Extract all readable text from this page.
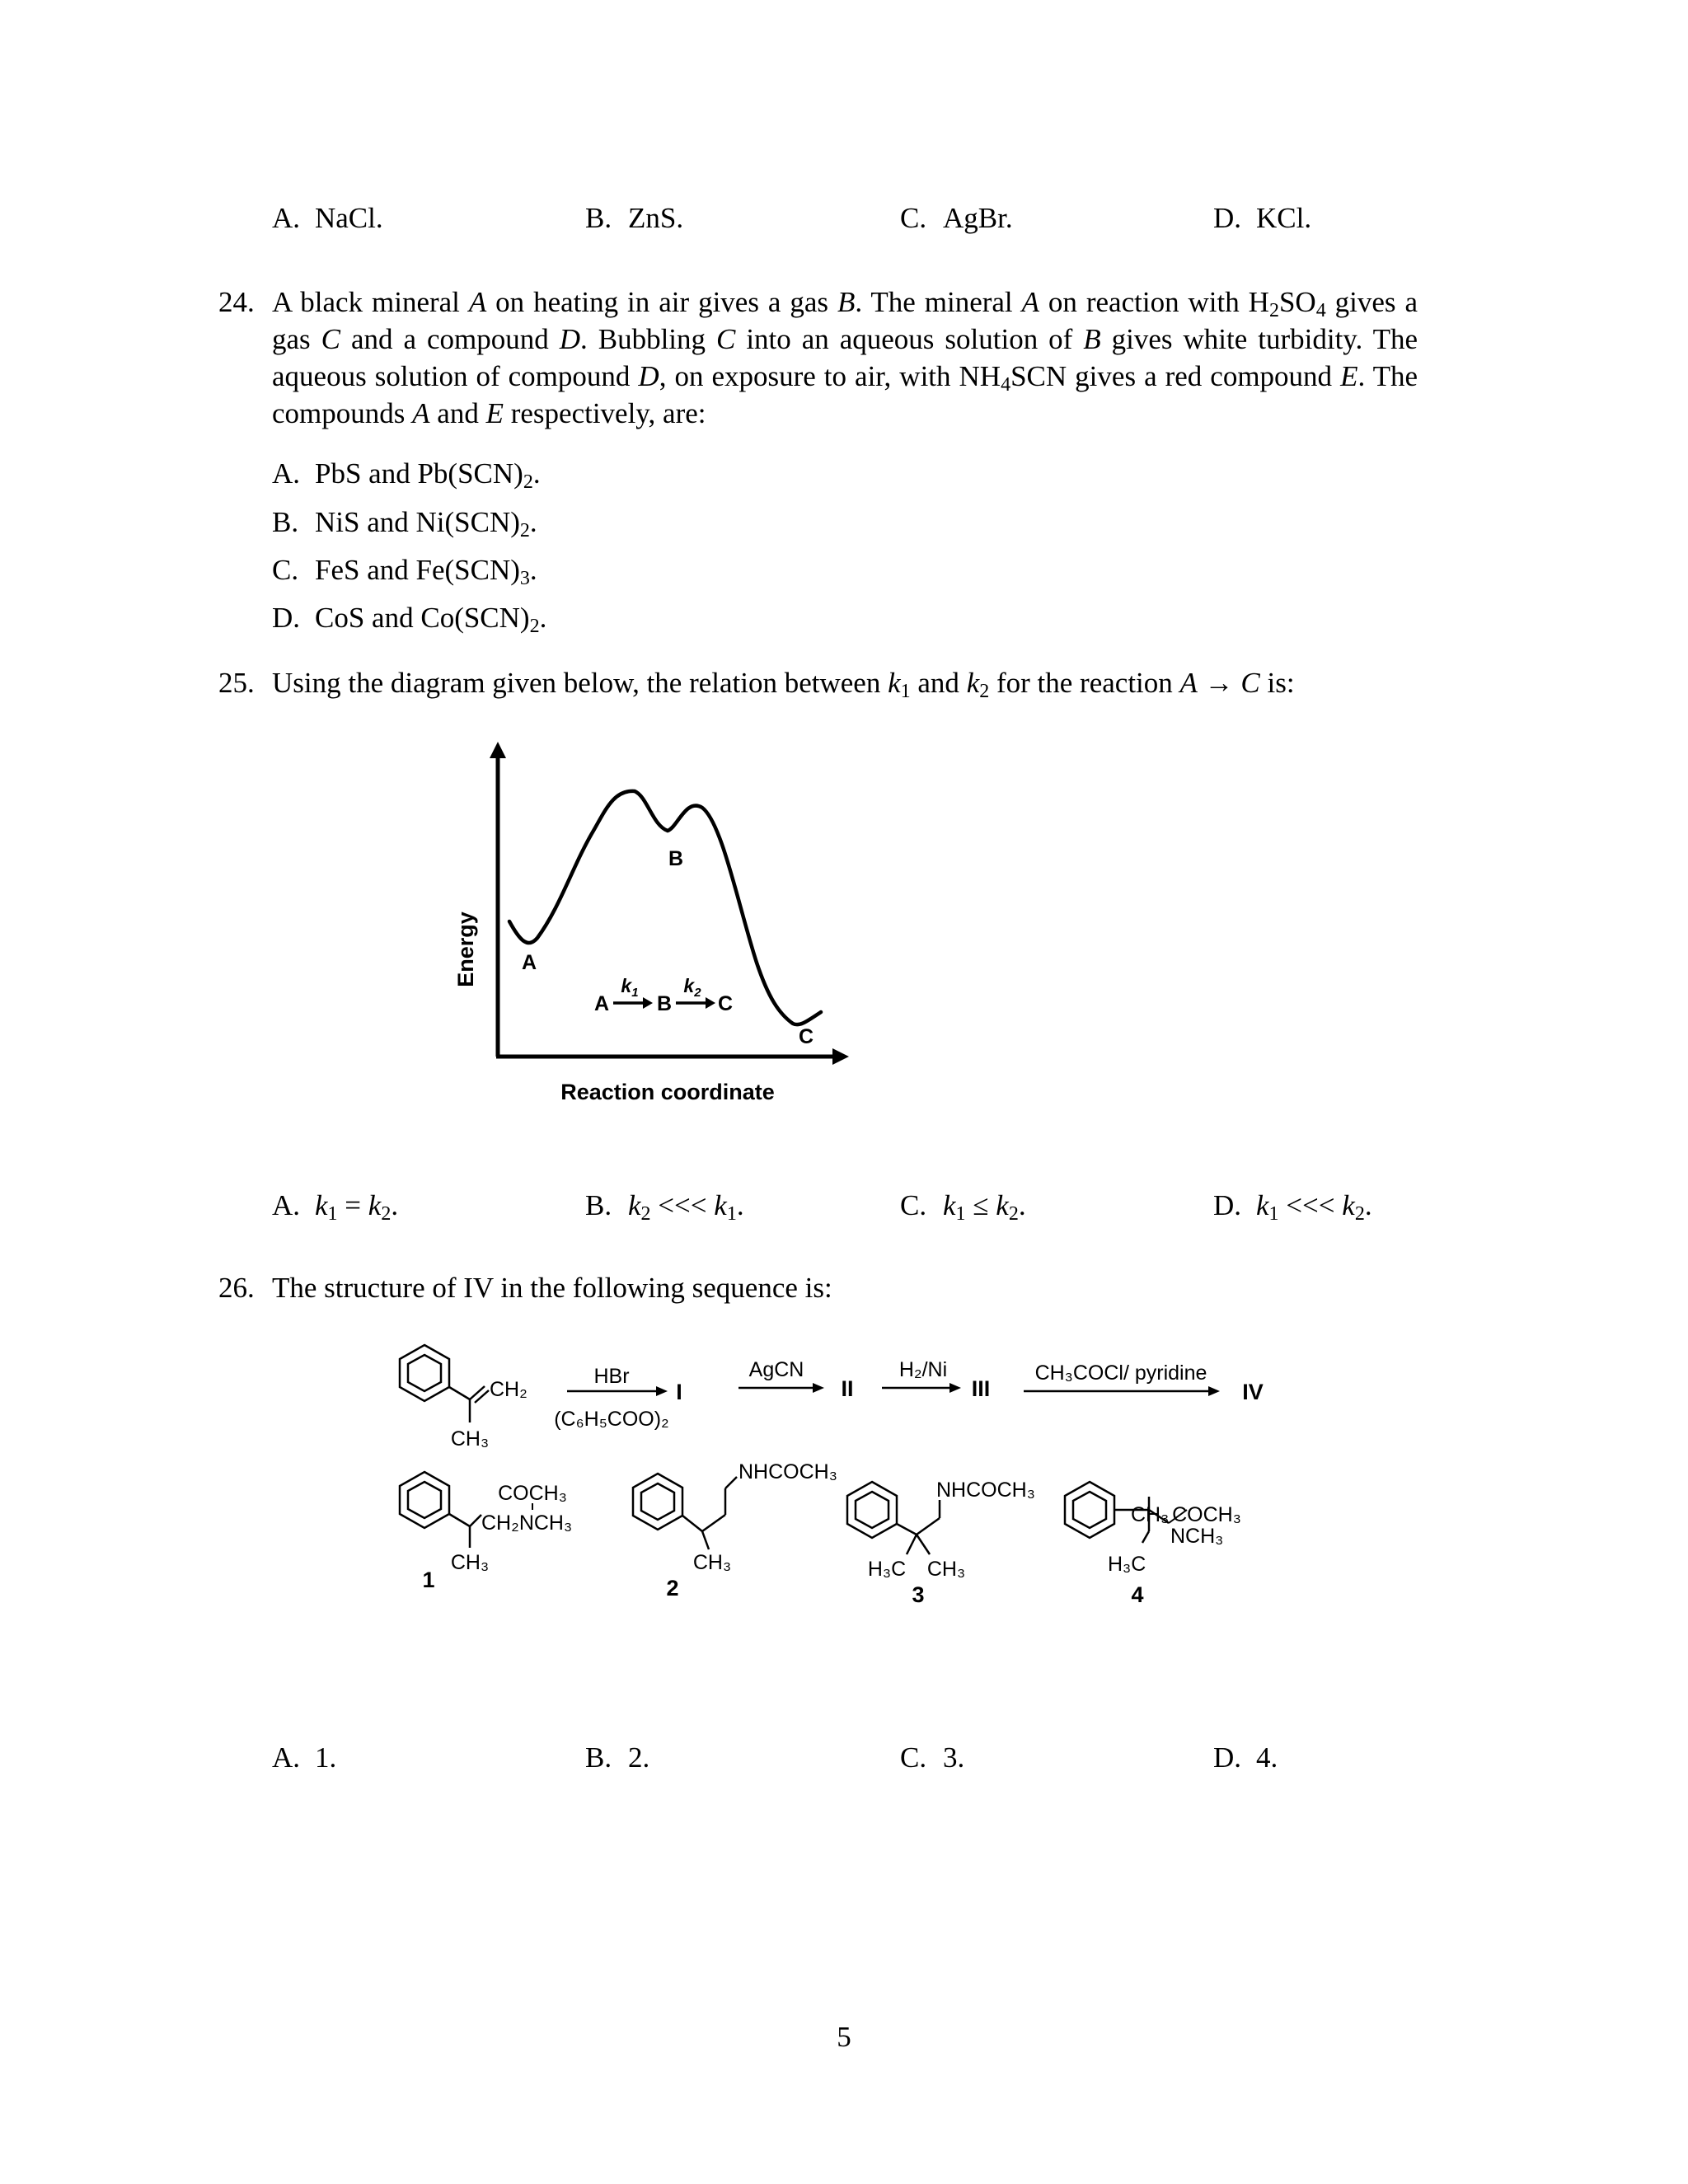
A. NaCl.	B. ZnS.	C. AgBr.	D. KCl.
24. A black mineral A on heating in air gives a gas B. The mineral A on reaction with $H_2SO_4$ gives a gas C and a compound D. Bubbling C into an aqueous solution of B gives white turbidity. The aqueous solution of compound D, on exposure to air, with $NH_4SCN$ gives a red compound E. The compounds A and E respectively, are:
A. PbS and $Pb(SCN)_2$.
B. NiS and $Ni(SCN)_2$.
C. FeS and $Fe(SCN)_3$.
D. CoS and $Co(SCN)_2$.
25. Using the diagram given below, the relation between $k_1$ and $k_2$ for the reaction A → C is:
Energy A
B
C
A
$k_1$ B
$k_2$ C
Reaction coordinate
A. $k_1 = k_2$.	B. $k_2$ <<< $k_1$.	C. $k_1 \le k_2$.	D. $k_1$ <<< $k_2$.
26. The structure of IV in the following sequence is:
CH₂
CH₃
HBr
(C₆H₅COO)₂
I
AgCN
II
H₂/Ni
III
CH₃COCl/ pyridine
IV
COCH₃
CH₂NCH₃
CH₃
1
NHCOCH₃
CH₃
2
NHCOCH₃
H₃C CH₃
3
CH₃ COCH₃
NCH₃
H₃C
4
A. 1.	B. 2.	C. 3.	D. 4.
5
